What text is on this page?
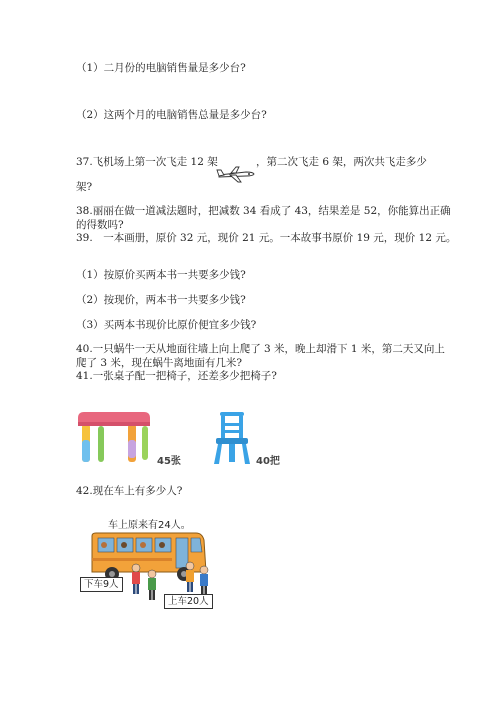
（1）二月份的电脑销售量是多少台?
（2）这两个月的电脑销售总量是多少台?
37.飞机场上第一次飞走 12 架	，第二次飞走 6 架，两次共飞走多少
架?
38.丽丽在做一道减法题时，把减数 34 看成了 43，结果差是 52，你能算出正确
的得数吗?
39.　一本画册，原价 32 元，现价 21 元。一本故事书原价 19 元，现价 12 元。
（1）按原价买两本书一共要多少钱?
（2）按现价，两本书一共要多少钱?
（3）买两本书现价比原价便宜多少钱?
40.一只蜗牛一天从地面往墙上向上爬了 3 米，晚上却滑下 1 米，第二天又向上
爬了 3 米，现在蜗牛离地面有几米?
41.一张桌子配一把椅子，还差多少把椅子?
45张	40把
42.现在车上有多少人?
车上原来有24人。
下车9人
上车20人
